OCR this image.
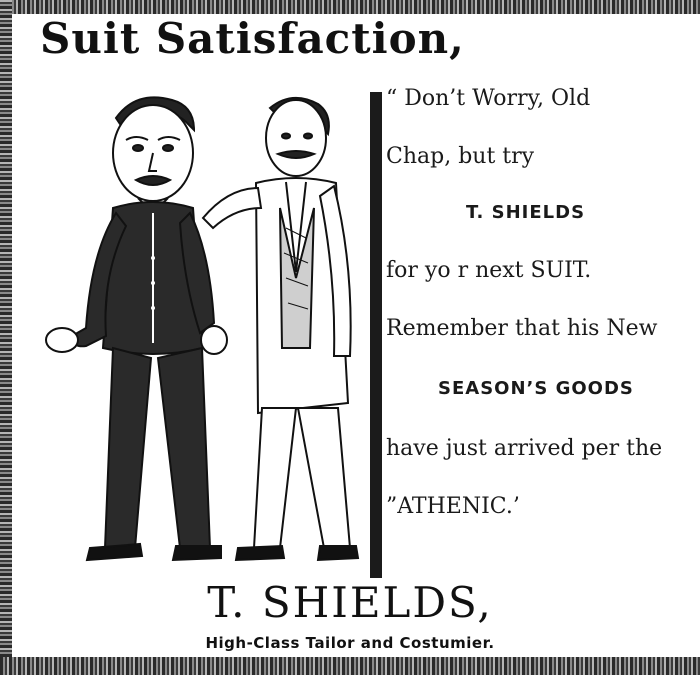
Suit Satisfaction,
“ Don’t Worry, Old
Chap, but try
T. SHIELDS
for yo r next SUIT.
Remember that his New
SEASON’S GOODS
have just arrived per the
”ATHENIC.’
T. SHIELDS,
High-Class Tailor and Costumier.
